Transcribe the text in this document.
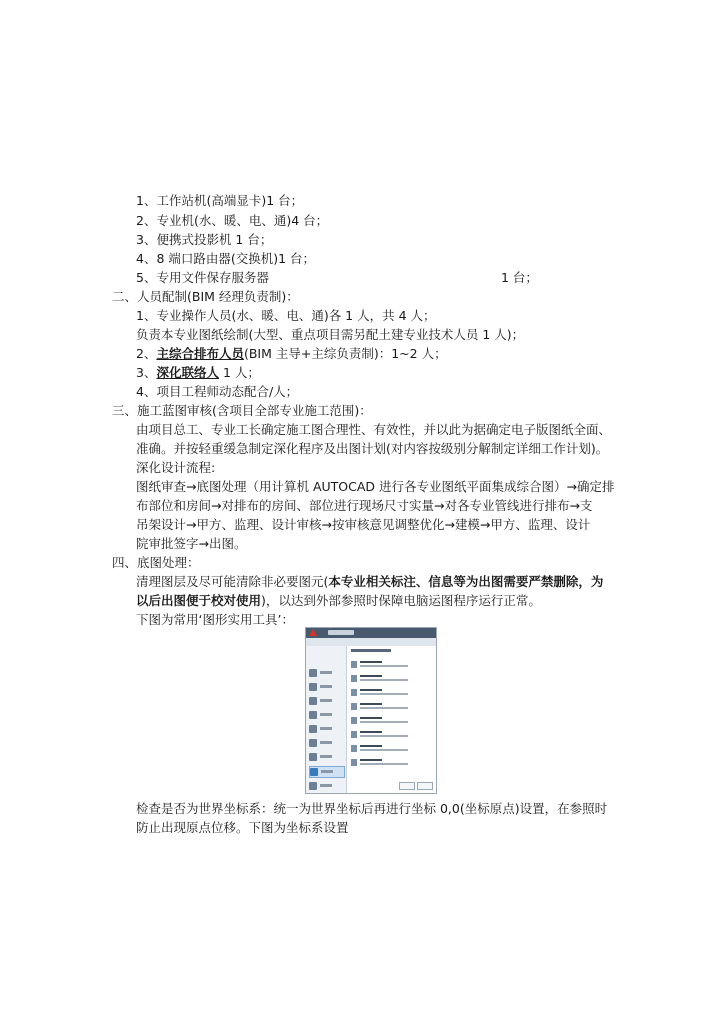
1、工作站机(高端显卡)1 台；
2、专业机(水、暖、电、通)4 台；
3、便携式投影机 1 台；
4、8 端口路由器(交换机)1 台；
5、专用文件保存服务器	1 台；
二、人员配制(BIM 经理负责制)：
1、专业操作人员(水、暖、电、通)各 1 人，共 4 人；
负责本专业图纸绘制(大型、重点项目需另配土建专业技术人员 1 人)；
2、主综合排布人员(BIM 主导+主综负责制)：1~2 人；
3、深化联络人 1 人；
4、项目工程师动态配合/人；
三、施工蓝图审核(含项目全部专业施工范围)：
由项目总工、专业工长确定施工图合理性、有效性，并以此为据确定电子版图纸全面、
准确。并按轻重缓急制定深化程序及出图计划(对内容按级别分解制定详细工作计划)。
深化设计流程:
图纸审查→底图处理（用计算机 AUTOCAD 进行各专业图纸平面集成综合图）→确定排
布部位和房间→对排布的房间、部位进行现场尺寸实量→对各专业管线进行排布→支
吊架设计→甲方、监理、设计审核→按审核意见调整优化→建模→甲方、监理、设计
院审批签字→出图。
四、底图处理：
清理图层及尽可能清除非必要图元(本专业相关标注、信息等为出图需要严禁删除，为
以后出图便于校对使用)，以达到外部参照时保障电脑运图程序运行正常。
下图为常用‘图形实用工具’：
检查是否为世界坐标系：统一为世界坐标后再进行坐标 0,0(坐标原点)设置，在参照时
防止出现原点位移。下图为坐标系设置
